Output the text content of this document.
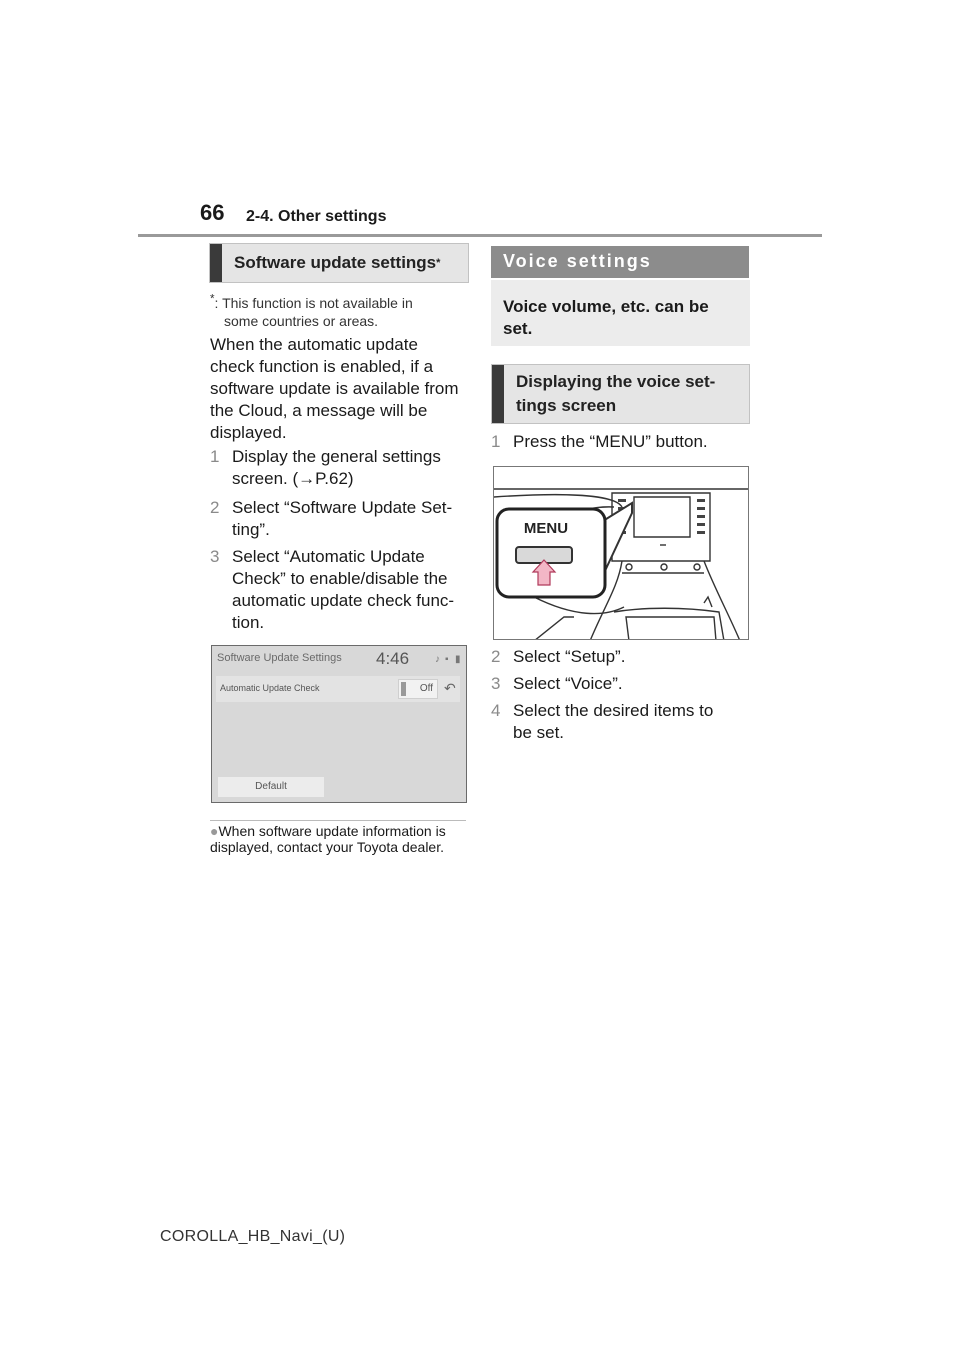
66 2-4. Other settings
Software update settings *
*: This function is not available in
some countries or areas.
When the automatic update check function is enabled, if a software update is available from the Cloud, a message will be displayed.
1 Display the general settings screen. (→P.62)
2 Select “Software Update Set-ting”.
3 Select “Automatic Update Check” to enable/disable the automatic update check func-tion.
Software Update Settings 4:46	♪ ▪ ▮
Automatic Update Check	Off ↶
Default
●When software update information is displayed, contact your Toyota dealer.
Voice settings
Voice volume, etc. can be set.
Displaying the voice set-tings screen
1 Press the “MENU” button.
MENU
2 Select “Setup”.
3 Select “Voice”.
4 Select the desired items to be set.
COROLLA_HB_Navi_(U)
